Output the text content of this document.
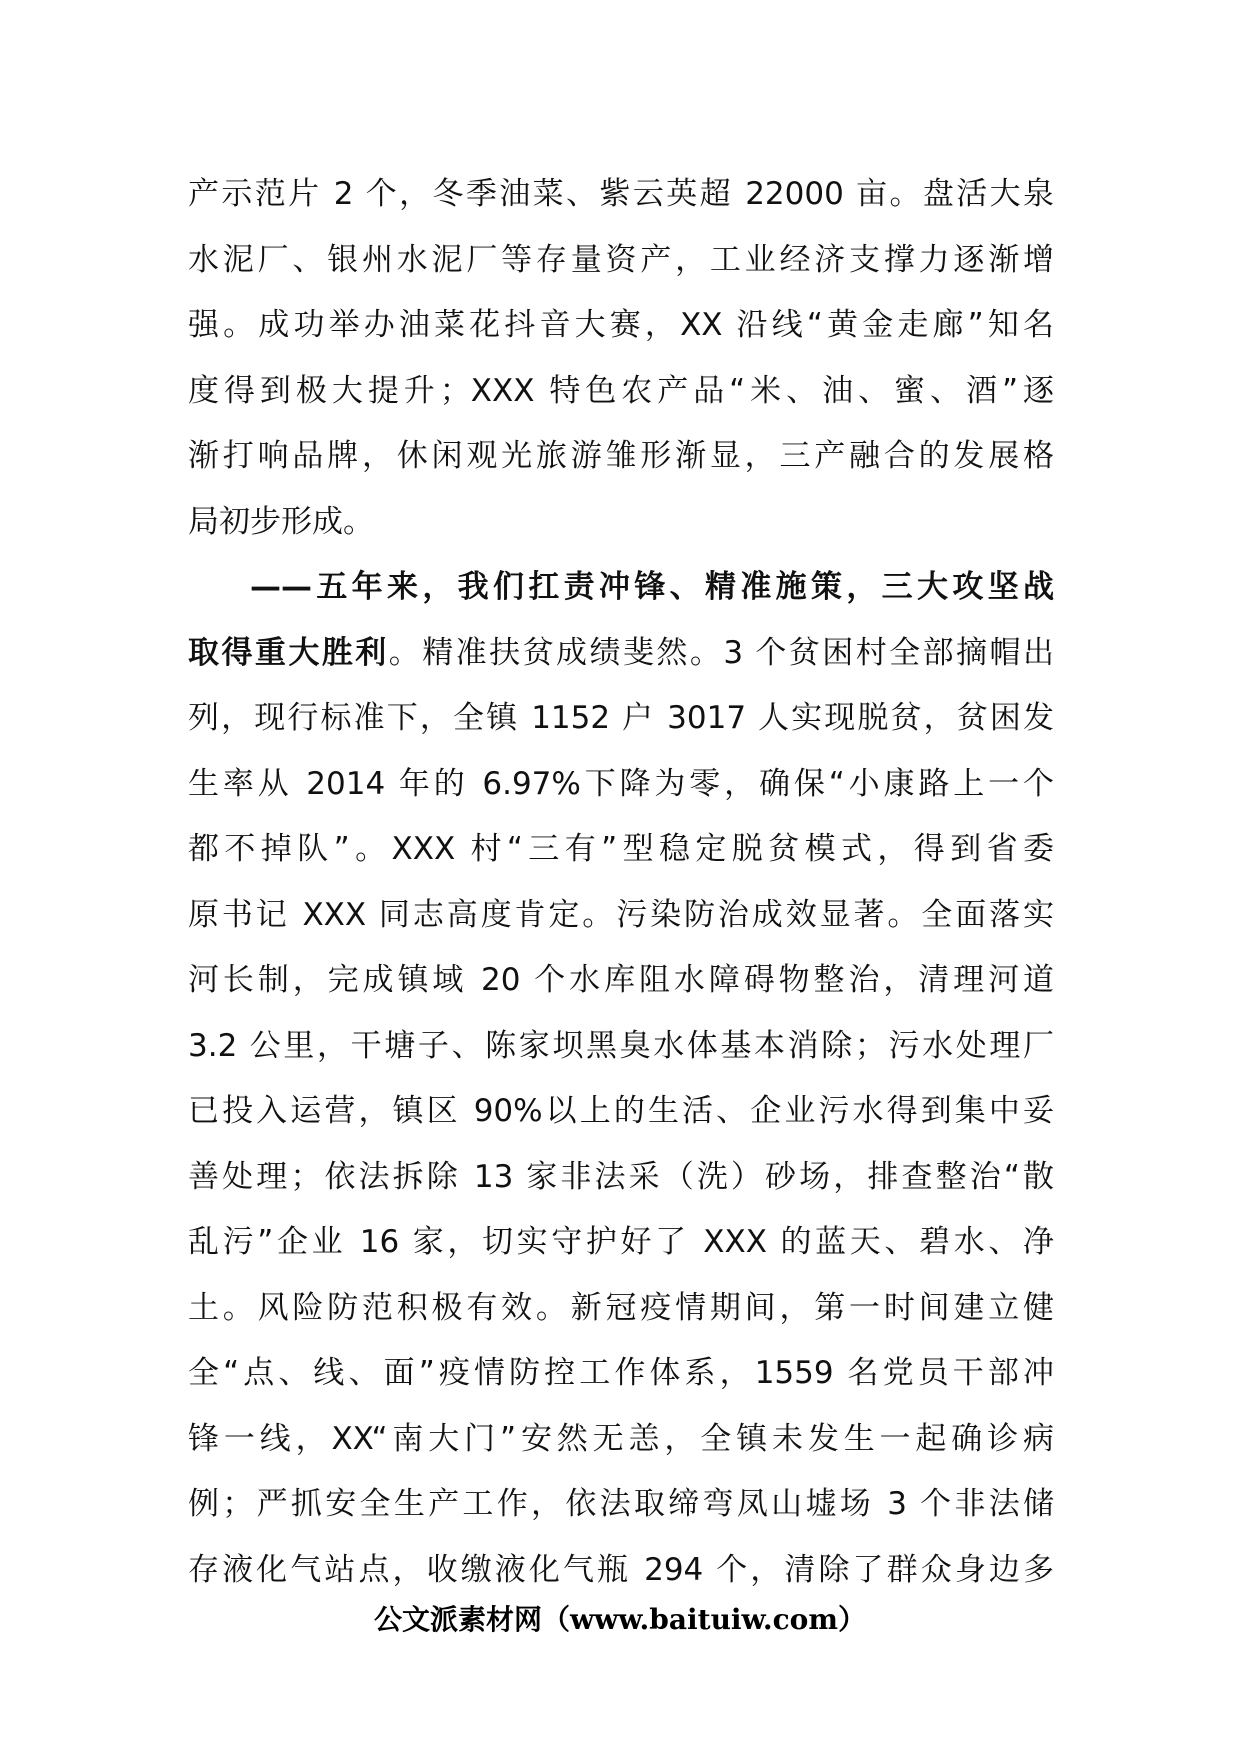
产示范片 2 个，冬季油菜、紫云英超 22000 亩。盘活大泉
水泥厂、银州水泥厂等存量资产，工业经济支撑力逐渐增
强。成功举办油菜花抖音大赛，XX 沿线“黄金走廊”知名
度得到极大提升；XXX 特色农产品“米、油、蜜、酒”逐
渐打响品牌，休闲观光旅游雏形渐显，三产融合的发展格
局初步形成。
——五年来，我们扛责冲锋、精准施策，三大攻坚战
取得重大胜利。精准扶贫成绩斐然。3 个贫困村全部摘帽出
列，现行标准下，全镇 1152 户 3017 人实现脱贫，贫困发
生率从 2014 年的 6.97%下降为零，确保“小康路上一个
都不掉队”。XXX 村“三有”型稳定脱贫模式，得到省委
原书记 XXX 同志高度肯定。污染防治成效显著。全面落实
河长制，完成镇域 20 个水库阻水障碍物整治，清理河道
3.2 公里，干塘子、陈家坝黑臭水体基本消除；污水处理厂
已投入运营，镇区 90%以上的生活、企业污水得到集中妥
善处理；依法拆除 13 家非法采（洗）砂场，排查整治“散
乱污”企业 16 家，切实守护好了 XXX 的蓝天、碧水、净
土。风险防范积极有效。新冠疫情期间，第一时间建立健
全“点、线、面”疫情防控工作体系，1559 名党员干部冲
锋一线，XX“南大门”安然无恙，全镇未发生一起确诊病
例；严抓安全生产工作，依法取缔弯凤山墟场 3 个非法储
存液化气站点，收缴液化气瓶 294 个，清除了群众身边多
公文派素材网（www.baituiw.com）
